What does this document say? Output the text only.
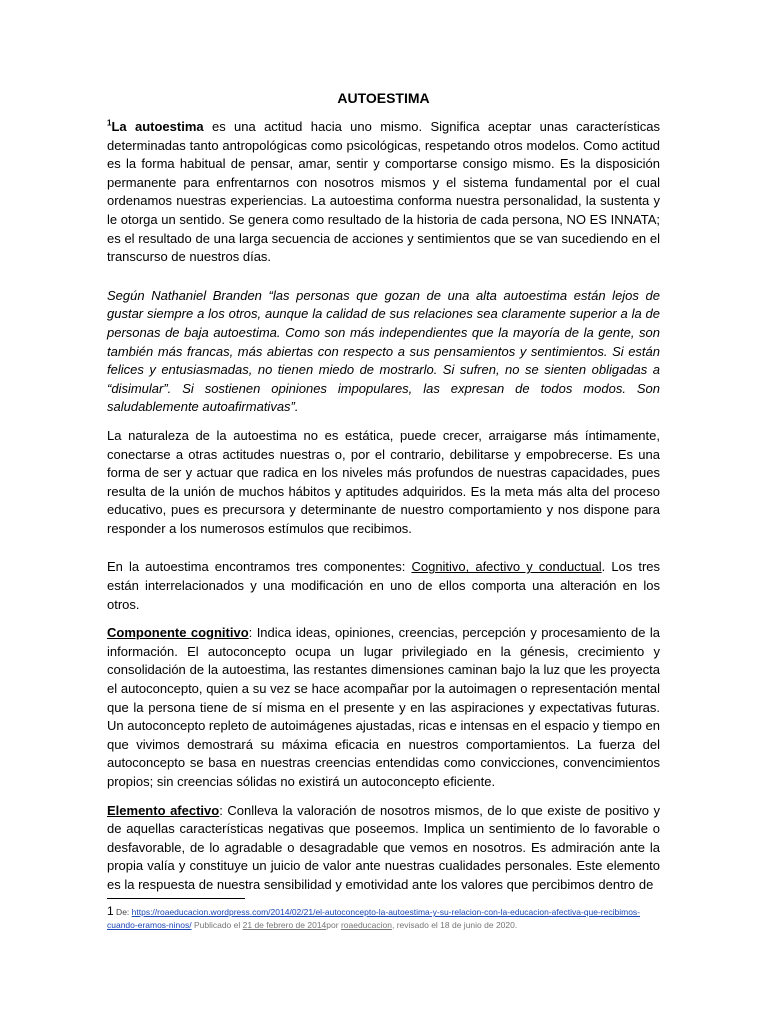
AUTOESTIMA

$^1$La autoestima es una actitud hacia uno mismo. Significa aceptar unas características determinadas tanto antropológicas como psicológicas, respetando otros modelos. Como actitud es la forma habitual de pensar, amar, sentir y comportarse consigo mismo. Es la disposición permanente para enfrentarnos con nosotros mismos y el sistema fundamental por el cual ordenamos nuestras experiencias. La autoestima conforma nuestra personalidad, la sustenta y le otorga un sentido. Se genera como resultado de la historia de cada persona, NO ES INNATA; es el resultado de una larga secuencia de acciones y sentimientos que se van sucediendo en el transcurso de nuestros días.

Según Nathaniel Branden “las personas que gozan de una alta autoestima están lejos de gustar siempre a los otros, aunque la calidad de sus relaciones sea claramente superior a la de personas de baja autoestima. Como son más independientes que la mayoría de la gente, son también más francas, más abiertas con respecto a sus pensamientos y sentimientos. Si están felices y entusiasmadas, no tienen miedo de mostrarlo. Si sufren, no se sienten obligadas a “disimular”. Si sostienen opiniones impopulares, las expresan de todos modos. Son saludablemente autoafirmativas”.

La naturaleza de la autoestima no es estática, puede crecer, arraigarse más íntimamente, conectarse a otras actitudes nuestras o, por el contrario, debilitarse y empobrecerse. Es una forma de ser y actuar que radica en los niveles más profundos de nuestras capacidades, pues resulta de la unión de muchos hábitos y aptitudes adquiridos. Es la meta más alta del proceso educativo, pues es precursora y determinante de nuestro comportamiento y nos dispone para responder a los numerosos estímulos que recibimos.

En la autoestima encontramos tres componentes: Cognitivo, afectivo y conductual. Los tres están interrelacionados y una modificación en uno de ellos comporta una alteración en los otros.

Componente cognitivo: Indica ideas, opiniones, creencias, percepción y procesamiento de la información. El autoconcepto ocupa un lugar privilegiado en la génesis, crecimiento y consolidación de la autoestima, las restantes dimensiones caminan bajo la luz que les proyecta el autoconcepto, quien a su vez se hace acompañar por la autoimagen o representación mental que la persona tiene de sí misma en el presente y en las aspiraciones y expectativas futuras. Un autoconcepto repleto de autoimágenes ajustadas, ricas e intensas en el espacio y tiempo en que vivimos demostrará su máxima eficacia en nuestros comportamientos. La fuerza del autoconcepto se basa en nuestras creencias entendidas como convicciones, convencimientos propios; sin creencias sólidas no existirá un autoconcepto eficiente.

Elemento afectivo: Conlleva la valoración de nosotros mismos, de lo que existe de positivo y de aquellas características negativas que poseemos. Implica un sentimiento de lo favorable o desfavorable, de lo agradable o desagradable que vemos en nosotros. Es admiración ante la propia valía y constituye un juicio de valor ante nuestras cualidades personales. Este elemento es la respuesta de nuestra sensibilidad y emotividad ante los valores que percibimos dentro de

1 De: https://roaeducacion.wordpress.com/2014/02/21/el-autoconcepto-la-autoestima-y-su-relacion-con-la-educacion-afectiva-que-recibimos-cuando-eramos-ninos/ Publicado el 21 de febrero de 2014por roaeducacion, revisado el 18 de junio de 2020.
